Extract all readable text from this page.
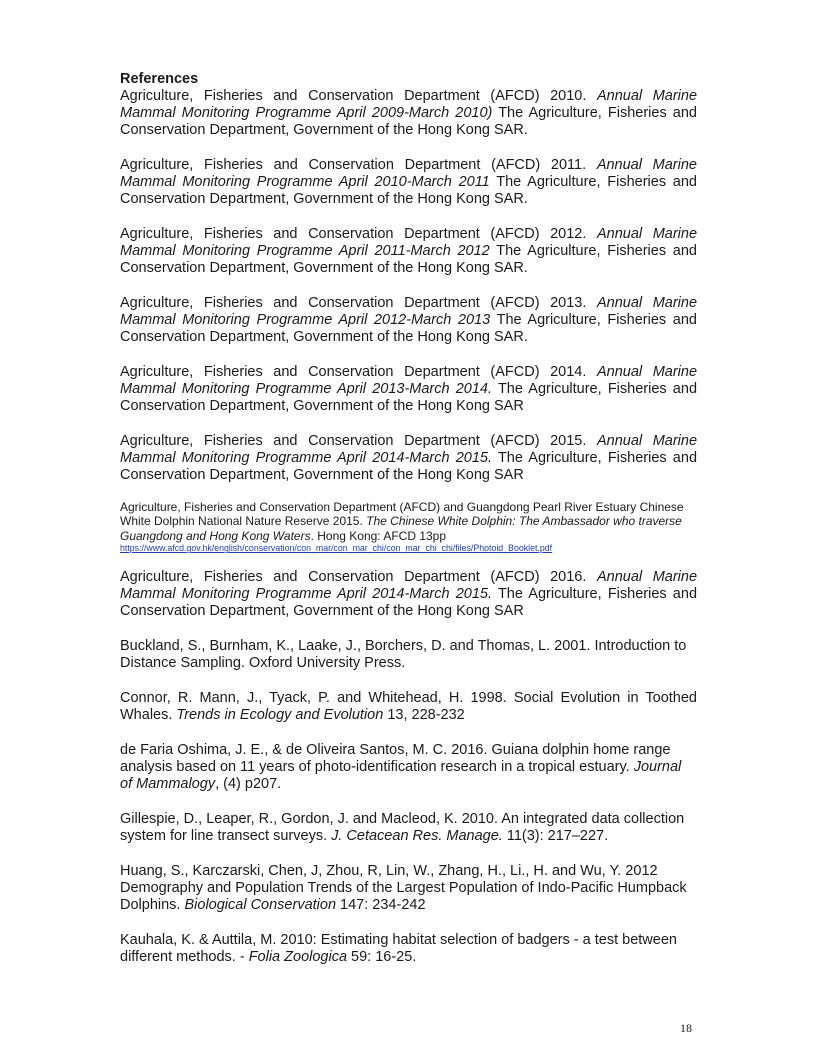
References

Agriculture, Fisheries and Conservation Department (AFCD) 2010. Annual Marine Mammal Monitoring Programme April 2009-March 2010) The Agriculture, Fisheries and Conservation Department, Government of the Hong Kong SAR.

Agriculture, Fisheries and Conservation Department (AFCD) 2011. Annual Marine Mammal Monitoring Programme April 2010-March 2011 The Agriculture, Fisheries and Conservation Department, Government of the Hong Kong SAR.

Agriculture, Fisheries and Conservation Department (AFCD) 2012. Annual Marine Mammal Monitoring Programme April 2011-March 2012 The Agriculture, Fisheries and Conservation Department, Government of the Hong Kong SAR.

Agriculture, Fisheries and Conservation Department (AFCD) 2013. Annual Marine Mammal Monitoring Programme April 2012-March 2013 The Agriculture, Fisheries and Conservation Department, Government of the Hong Kong SAR.

Agriculture, Fisheries and Conservation Department (AFCD) 2014. Annual Marine Mammal Monitoring Programme April 2013-March 2014. The Agriculture, Fisheries and Conservation Department, Government of the Hong Kong SAR

Agriculture, Fisheries and Conservation Department (AFCD) 2015. Annual Marine Mammal Monitoring Programme April 2014-March 2015. The Agriculture, Fisheries and Conservation Department, Government of the Hong Kong SAR

Agriculture, Fisheries and Conservation Department (AFCD) and Guangdong Pearl River Estuary Chinese White Dolphin National Nature Reserve 2015. The Chinese White Dolphin: The Ambassador who traverse Guangdong and Hong Kong Waters. Hong Kong: AFCD 13pp
https://www.afcd.gov.hk/english/conservation/con_mar/con_mar_chi/con_mar_chi_chi/files/Photoid_Booklet.pdf

Agriculture, Fisheries and Conservation Department (AFCD) 2016. Annual Marine Mammal Monitoring Programme April 2014-March 2015. The Agriculture, Fisheries and Conservation Department, Government of the Hong Kong SAR

Buckland, S., Burnham, K., Laake, J., Borchers, D. and Thomas, L. 2001. Introduction to Distance Sampling. Oxford University Press.

Connor, R. Mann, J., Tyack, P. and Whitehead, H. 1998. Social Evolution in Toothed Whales. Trends in Ecology and Evolution 13, 228-232

de Faria Oshima, J. E., & de Oliveira Santos, M. C. 2016. Guiana dolphin home range analysis based on 11 years of photo-identification research in a tropical estuary. Journal of Mammalogy, (4) p207.

Gillespie, D., Leaper, R., Gordon, J. and Macleod, K. 2010. An integrated data collection system for line transect surveys. J. Cetacean Res. Manage. 11(3): 217–227.

Huang, S., Karczarski, Chen, J, Zhou, R, Lin, W., Zhang, H., Li., H. and Wu, Y. 2012 Demography and Population Trends of the Largest Population of Indo-Pacific Humpback Dolphins. Biological Conservation 147: 234-242

Kauhala, K. & Auttila, M. 2010: Estimating habitat selection of badgers - a test between different methods. - Folia Zoologica 59: 16-25.

18
